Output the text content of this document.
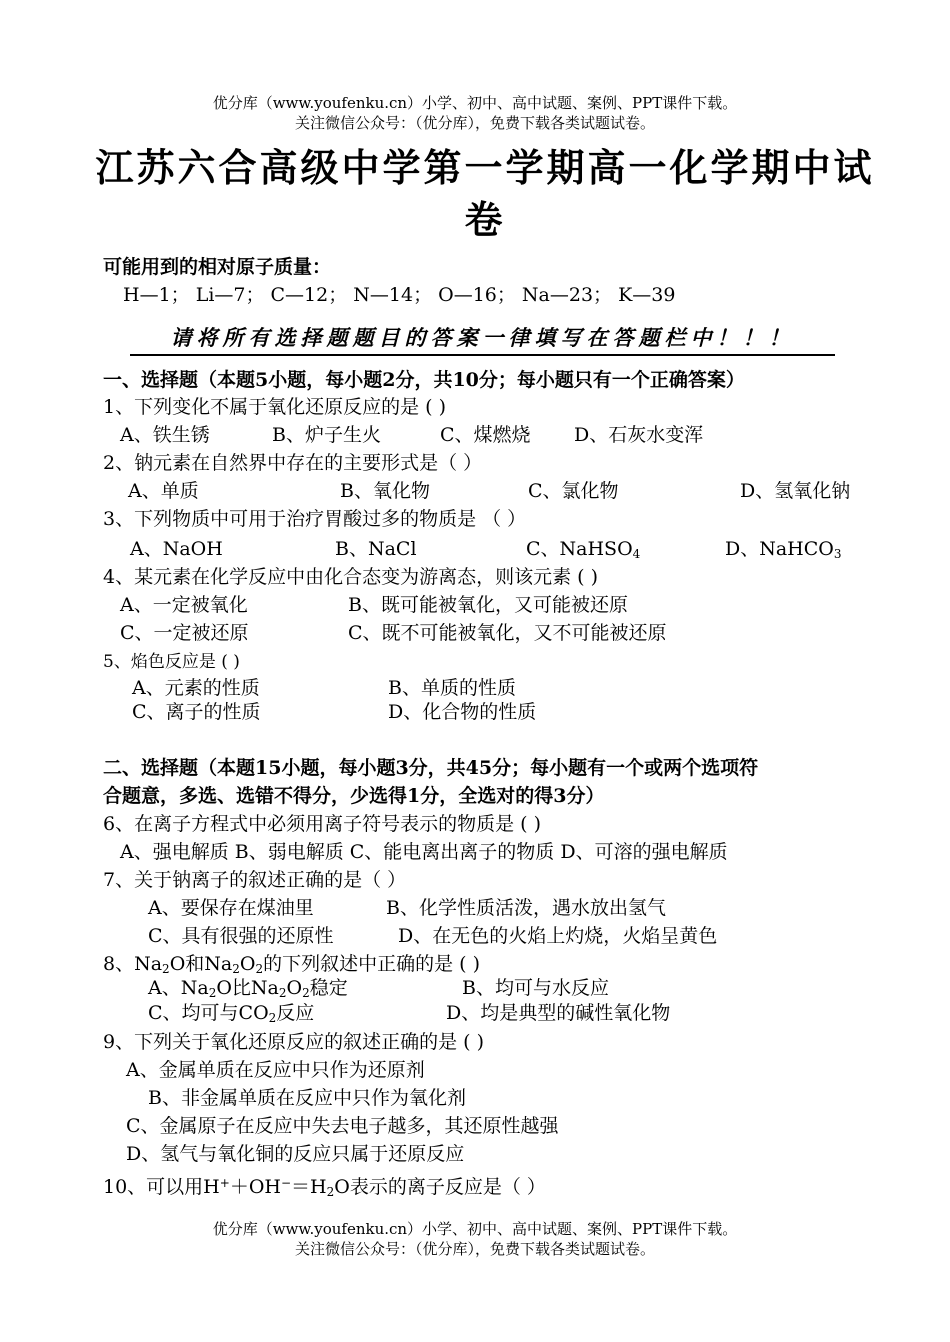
优分库（www.youfenku.cn）小学、初中、高中试题、案例、PPT课件下载。
关注微信公众号：（优分库），免费下载各类试题试卷。
江苏六合高级中学第一学期高一化学期中试卷
可能用到的相对原子质量：
H—1； Li—7； C—12； N—14； O—16； Na—23； K—39
请将所有选择题题目的答案一律填写在答题栏中！！！
一、选择题（本题5小题，每小题2分，共10分；每小题只有一个正确答案）
1、下列变化不属于氧化还原反应的是 ( )
A、铁生锈	B、炉子生火	C、煤燃烧 D、石灰水变浑
2、钠元素在自然界中存在的主要形式是（ ）
A、单质	B、氧化物	C、氯化物	D、氢氧化钠
3、下列物质中可用于治疗胃酸过多的物质是 （ ）
A、NaOH	B、NaCl	C、NaHSO$_4$	D、NaHCO$_3$
4、某元素在化学反应中由化合态变为游离态，则该元素 ( )
A、一定被氧化	B、既可能被氧化，又可能被还原
C、一定被还原	C、既不可能被氧化，又不可能被还原
5、焰色反应是 ( )
A、元素的性质	B、单质的性质
C、离子的性质	D、化合物的性质
二、选择题（本题15小题，每小题3分，共45分；每小题有一个或两个选项符
合题意，多选、选错不得分，少选得1分，全选对的得3分）
6、在离子方程式中必须用离子符号表示的物质是 ( )
A、强电解质 B、弱电解质 C、能电离出离子的物质 D、可溶的强电解质
7、关于钠离子的叙述正确的是（ ）
A、要保存在煤油里	B、化学性质活泼，遇水放出氢气
C、具有很强的还原性	D、在无色的火焰上灼烧，火焰呈黄色
8、$Na_2O$和$Na_2O_2$的下列叙述中正确的是 ( )
A、$Na_2O$比$Na_2O_2$稳定	B、均可与水反应
C、均可与$CO_2$反应	D、均是典型的碱性氧化物
9、下列关于氧化还原反应的叙述正确的是 ( )
A、金属单质在反应中只作为还原剂
B、非金属单质在反应中只作为氧化剂
C、金属原子在反应中失去电子越多，其还原性越强
D、氢气与氧化铜的反应只属于还原反应
10、可以用$H^++OH^-=H_2O$表示的离子反应是（ ）
优分库（www.youfenku.cn）小学、初中、高中试题、案例、PPT课件下载。
关注微信公众号：（优分库），免费下载各类试题试卷。
